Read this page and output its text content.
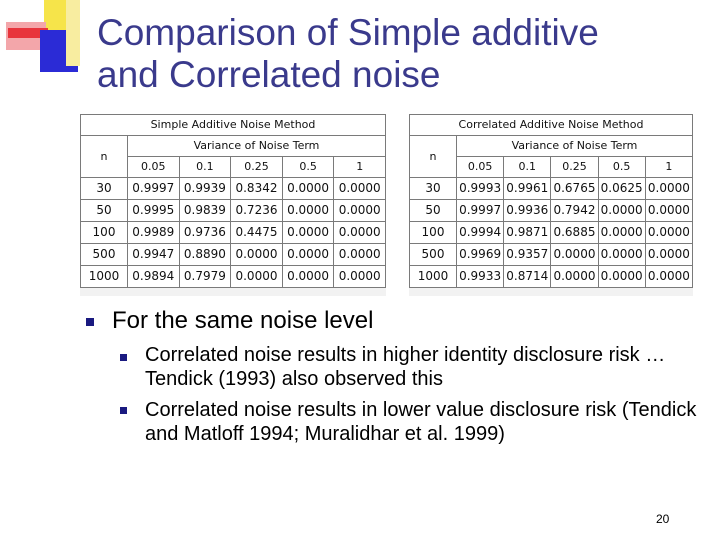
Comparison of Simple additive
and Correlated noise
Simple Additive Noise Method					
n	Variance of Noise Term				
	0.05	0.1	0.25	0.5	1
30	0.9997	0.9939	0.8342	0.0000	0.0000
50	0.9995	0.9839	0.7236	0.0000	0.0000
100	0.9989	0.9736	0.4475	0.0000	0.0000
500	0.9947	0.8890	0.0000	0.0000	0.0000
1000	0.9894	0.7979	0.0000	0.0000	0.0000
Correlated Additive Noise Method					
n	Variance of Noise Term				
	0.05	0.1	0.25	0.5	1
30	0.9993	0.9961	0.6765	0.0625	0.0000
50	0.9997	0.9936	0.7942	0.0000	0.0000
100	0.9994	0.9871	0.6885	0.0000	0.0000
500	0.9969	0.9357	0.0000	0.0000	0.0000
1000	0.9933	0.8714	0.0000	0.0000	0.0000
For the same noise level
Correlated noise results in higher identity disclosure risk … Tendick (1993) also observed this
Correlated noise results in lower value disclosure risk (Tendick and Matloff 1994; Muralidhar et al. 1999)
20
